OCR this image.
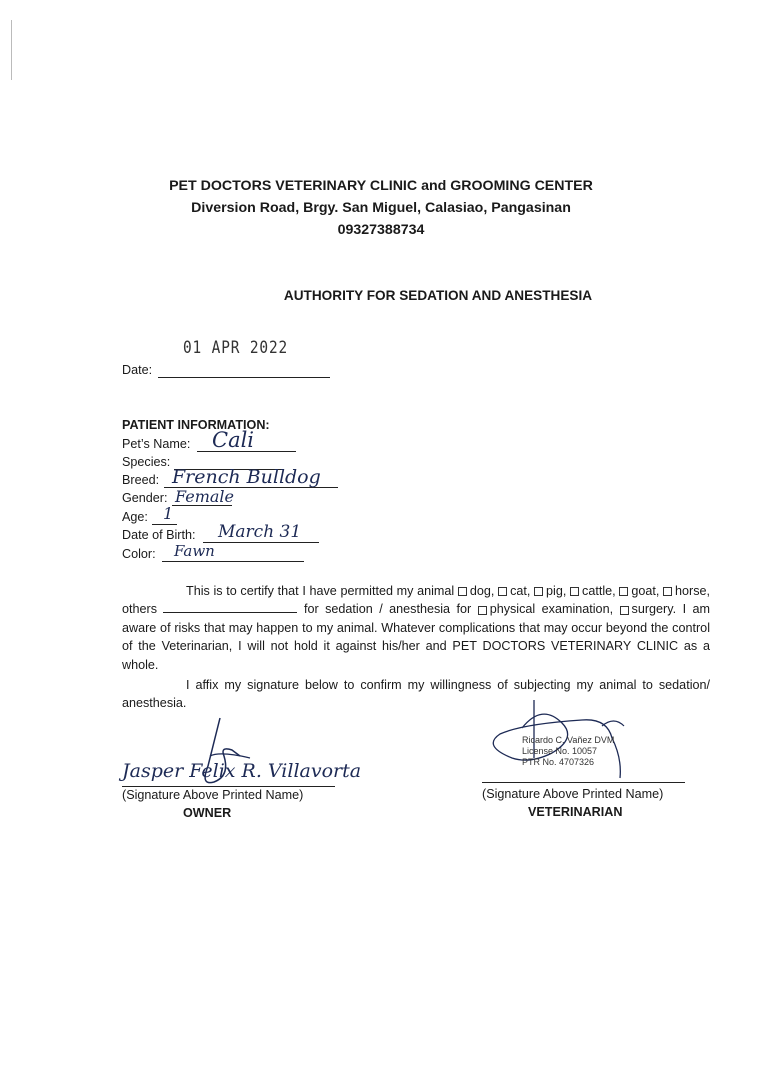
PET DOCTORS VETERINARY CLINIC and GROOMING CENTER
Diversion Road, Brgy. San Miguel, Calasiao, Pangasinan
09327388734
AUTHORITY FOR SEDATION AND ANESTHESIA
01 APR 2022
Date:
PATIENT INFORMATION:
Pet’s Name: Cali
Species:
Breed: French Bulldog
Gender: Female
Age: 1
Date of Birth: March 31
Color: Fawn
This is to certify that I have permitted my animal dog, cat, pig, cattle, goat, horse, others	for sedation / anesthesia for physical examination, surgery. I am aware of risks that may happen to my animal. Whatever complications that may occur beyond the control of the Veterinarian, I will not hold it against his/her and PET DOCTORS VETERINARY CLINIC as a whole.
I affix my signature below to confirm my willingness of subjecting my animal to sedation/ anesthesia.
Jasper Felix R. Villavorta
(Signature Above Printed Name)
OWNER
Ricardo C. Vañez DVM
License No. 10057
PTR No. 4707326
(Signature Above Printed Name)
VETERINARIAN
